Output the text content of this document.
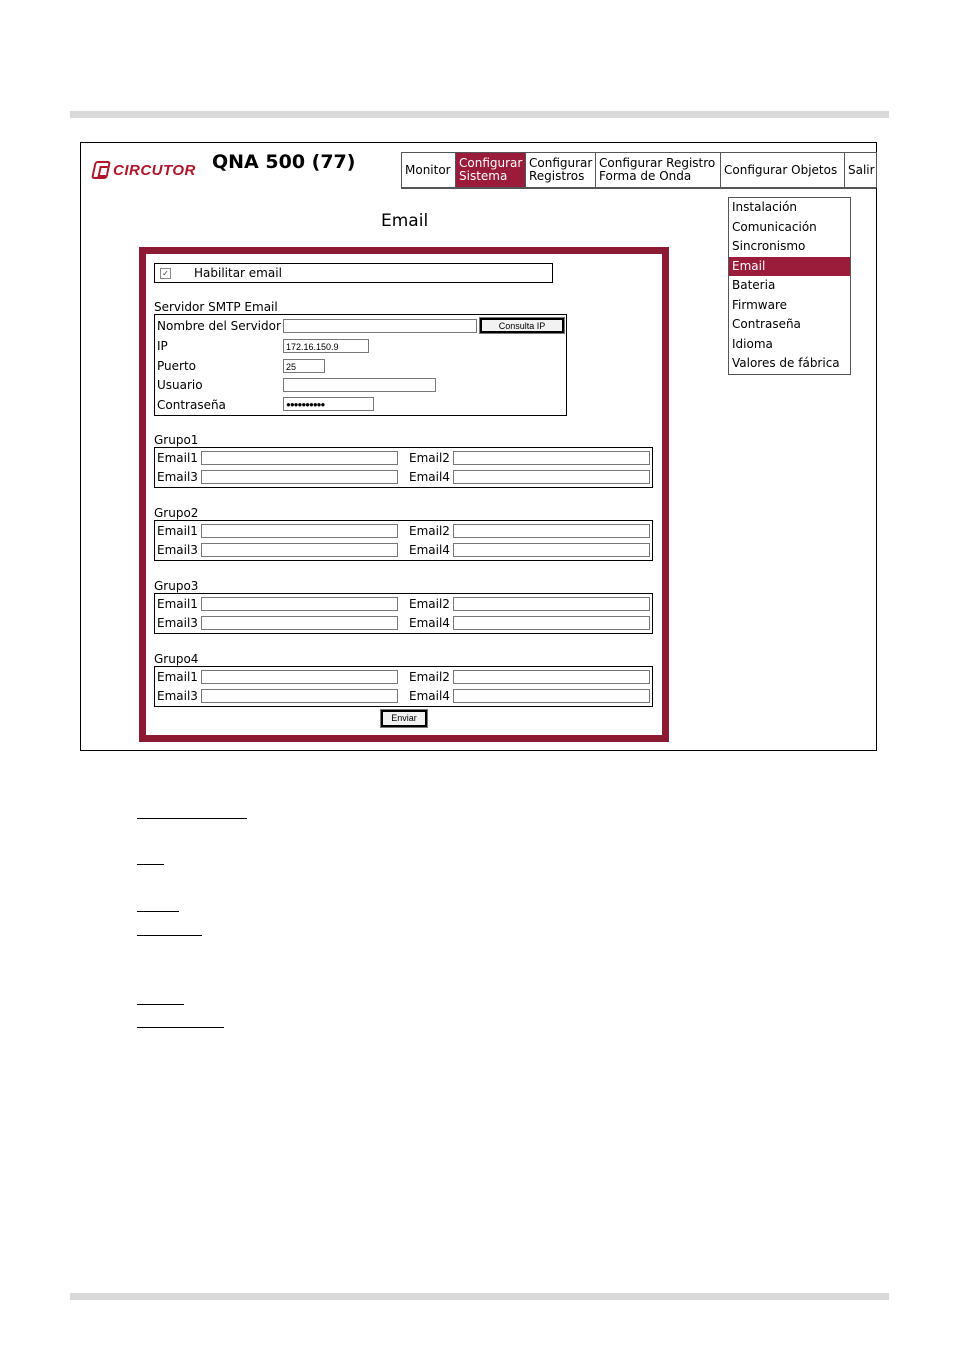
CIRCUTOR QNA 500 (77)	Monitor Configurar Sistema
Configurar Registros
Configurar Registro Forma de Onda	Configurar Objetos Salir
Instalación
Comunicación
Sincronismo
Email
Bateria
Firmware
Contraseña
Idioma
Valores de fábrica
Email
✓ Habilitar email
Servidor SMTP Email
Nombre del Servidor	Consulta IP
IP	172.16.150.9
Puerto	25
Usuario
Contraseña	●●●●●●●●●●
Grupo1
Email1	Email2
Email3	Email4
Grupo2
Email1	Email2
Email3	Email4
Grupo3
Email1	Email2
Email3	Email4
Grupo4
Email1	Email2
Email3	Email4
Enviar
